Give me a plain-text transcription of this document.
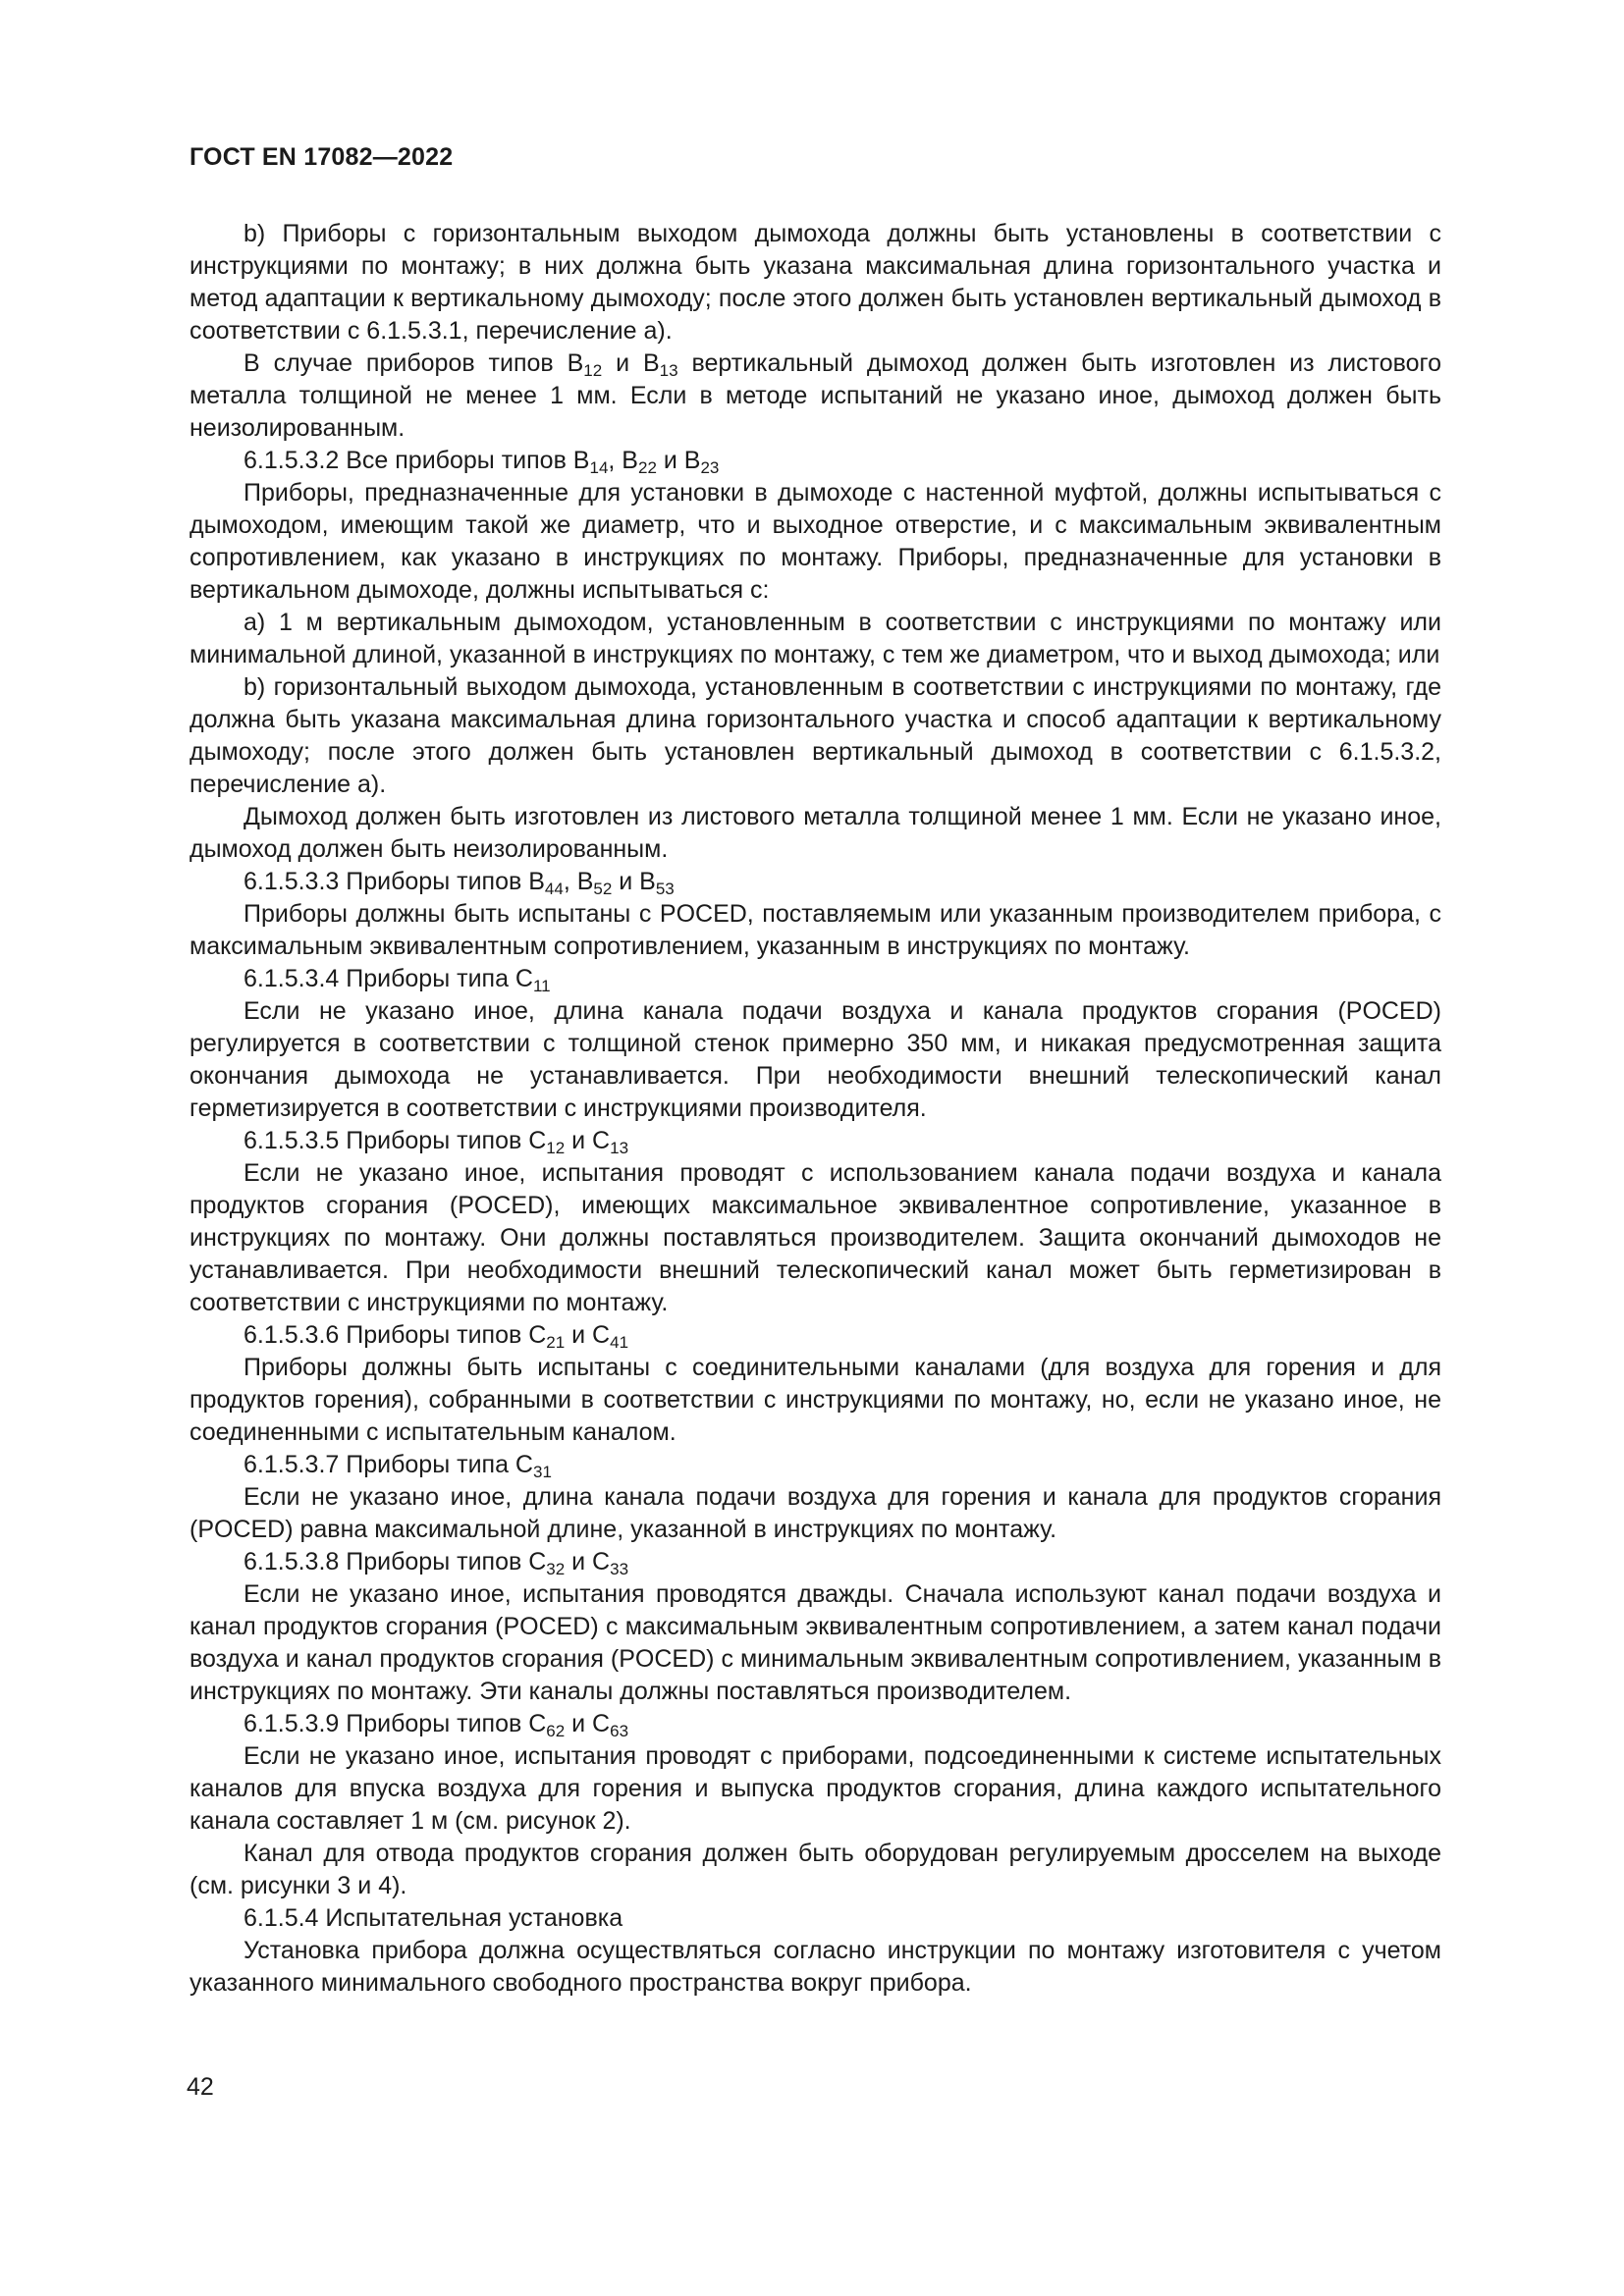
ГОСТ EN 17082—2022

b) Приборы с горизонтальным выходом дымохода должны быть установлены в соответствии с инструкциями по монтажу; в них должна быть указана максимальная длина горизонтального участка и метод адаптации к вертикальному дымоходу; после этого должен быть установлен вертикальный дымоход в соответствии с 6.1.5.3.1, перечисление а).

В случае приборов типов $B_{12}$ и $B_{13}$ вертикальный дымоход должен быть изготовлен из листового металла толщиной не менее 1 мм. Если в методе испытаний не указано иное, дымоход должен быть неизолированным.

6.1.5.3.2 Все приборы типов $B_{14}$, $B_{22}$ и $B_{23}$

Приборы, предназначенные для установки в дымоходе с настенной муфтой, должны испытываться с дымоходом, имеющим такой же диаметр, что и выходное отверстие, и с максимальным эквивалентным сопротивлением, как указано в инструкциях по монтажу. Приборы, предназначенные для установки в вертикальном дымоходе, должны испытываться с:

a) 1 м вертикальным дымоходом, установленным в соответствии с инструкциями по монтажу или минимальной длиной, указанной в инструкциях по монтажу, с тем же диаметром, что и выход дымохода; или

b) горизонтальный выходом дымохода, установленным в соответствии с инструкциями по монтажу, где должна быть указана максимальная длина горизонтального участка и способ адаптации к вертикальному дымоходу; после этого должен быть установлен вертикальный дымоход в соответствии с 6.1.5.3.2, перечисление а).

Дымоход должен быть изготовлен из листового металла толщиной менее 1 мм. Если не указано иное, дымоход должен быть неизолированным.

6.1.5.3.3 Приборы типов $B_{44}$, $B_{52}$ и $B_{53}$

Приборы должны быть испытаны с POCED, поставляемым или указанным производителем прибора, с максимальным эквивалентным сопротивлением, указанным в инструкциях по монтажу.

6.1.5.3.4 Приборы типа $C_{11}$

Если не указано иное, длина канала подачи воздуха и канала продуктов сгорания (POCED) регулируется в соответствии с толщиной стенок примерно 350 мм, и никакая предусмотренная защита окончания дымохода не устанавливается. При необходимости внешний телескопический канал герметизируется в соответствии с инструкциями производителя.

6.1.5.3.5 Приборы типов $C_{12}$ и $C_{13}$

Если не указано иное, испытания проводят с использованием канала подачи воздуха и канала продуктов сгорания (POCED), имеющих максимальное эквивалентное сопротивление, указанное в инструкциях по монтажу. Они должны поставляться производителем. Защита окончаний дымоходов не устанавливается. При необходимости внешний телескопический канал может быть герметизирован в соответствии с инструкциями по монтажу.

6.1.5.3.6 Приборы типов $C_{21}$ и $C_{41}$

Приборы должны быть испытаны с соединительными каналами (для воздуха для горения и для продуктов горения), собранными в соответствии с инструкциями по монтажу, но, если не указано иное, не соединенными с испытательным каналом.

6.1.5.3.7 Приборы типа $C_{31}$

Если не указано иное, длина канала подачи воздуха для горения и канала для продуктов сгорания (POCED) равна максимальной длине, указанной в инструкциях по монтажу.

6.1.5.3.8 Приборы типов $C_{32}$ и $C_{33}$

Если не указано иное, испытания проводятся дважды. Сначала используют канал подачи воздуха и канал продуктов сгорания (POCED) с максимальным эквивалентным сопротивлением, а затем канал подачи воздуха и канал продуктов сгорания (POCED) с минимальным эквивалентным сопротивлением, указанным в инструкциях по монтажу. Эти каналы должны поставляться производителем.

6.1.5.3.9 Приборы типов $C_{62}$ и $C_{63}$

Если не указано иное, испытания проводят с приборами, подсоединенными к системе испытательных каналов для впуска воздуха для горения и выпуска продуктов сгорания, длина каждого испытательного канала составляет 1 м (см. рисунок 2).

Канал для отвода продуктов сгорания должен быть оборудован регулируемым дросселем на выходе (см. рисунки 3 и 4).

6.1.5.4 Испытательная установка

Установка прибора должна осуществляться согласно инструкции по монтажу изготовителя с учетом указанного минимального свободного пространства вокруг прибора.

42
